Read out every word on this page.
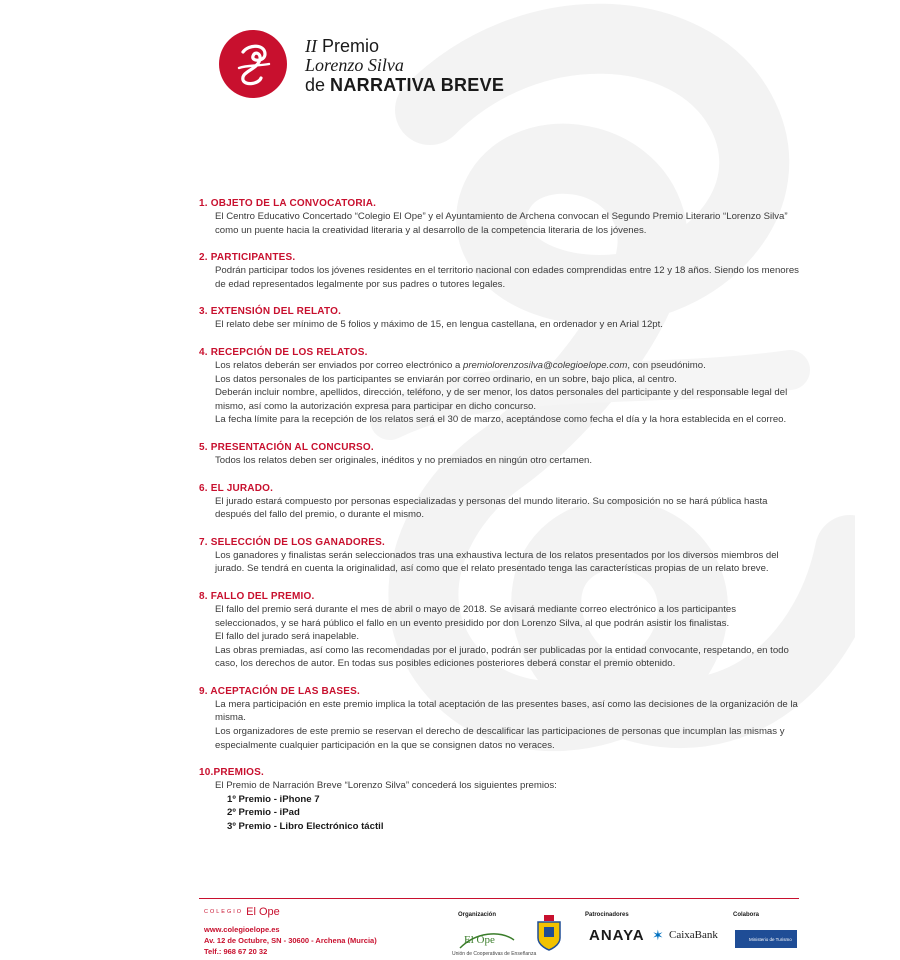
II Premio
Lorenzo Silva
de NARRATIVA BREVE
1. OBJETO DE LA CONVOCATORIA.

El Centro Educativo Concertado “Colegio El Ope” y el Ayuntamiento de Archena convocan el Segundo Premio Literario “Lorenzo Silva” como un puente hacia la creatividad literaria y al desarrollo de la competencia literaria de los jóvenes.

2. PARTICIPANTES.

Podrán participar todos los jóvenes residentes en el territorio nacional con edades comprendidas entre 12 y 18 años. Siendo los menores de edad representados legalmente por sus padres o tutores legales.

3. EXTENSIÓN DEL RELATO.

El relato debe ser mínimo de 5 folios y máximo de 15, en lengua castellana, en ordenador y en Arial 12pt.

4. RECEPCIÓN DE LOS RELATOS.

Los relatos deberán ser enviados por correo electrónico a premiolorenzosilva@colegioelope.com, con pseudónimo.

Los datos personales de los participantes se enviarán por correo ordinario, en un sobre, bajo plica, al centro.

Deberán incluir nombre, apellidos, dirección, teléfono, y de ser menor, los datos personales del participante y del responsable legal del mismo, así como la autorización expresa para participar en dicho concurso.

La fecha límite para la recepción de los relatos será el 30 de marzo, aceptándose como fecha el día y la hora establecida en el correo.

5. PRESENTACIÓN AL CONCURSO.

Todos los relatos deben ser originales, inéditos y no premiados en ningún otro certamen.

6. EL JURADO.

El jurado estará compuesto por personas especializadas y personas del mundo literario. Su composición no se hará pública hasta después del fallo del premio, o durante el mismo.

7. SELECCIÓN DE LOS GANADORES.

Los ganadores y finalistas serán seleccionados tras una exhaustiva lectura de los relatos presentados por los diversos miembros del jurado. Se tendrá en cuenta la originalidad, así como que el relato presentado tenga las características propias de un relato breve.

8. FALLO DEL PREMIO.

El fallo del premio será durante el mes de abril o mayo de 2018. Se avisará mediante correo electrónico a los participantes seleccionados, y se hará público el fallo en un evento presidido por don Lorenzo Silva, al que podrán asistir los finalistas.

El fallo del jurado será inapelable.

Las obras premiadas, así como las recomendadas por el jurado, podrán ser publicadas por la entidad convocante, respetando, en todo caso, los derechos de autor. En todas sus posibles ediciones posteriores deberá constar el premio obtenido.

9. ACEPTACIÓN DE LAS BASES.

La mera participación en este premio implica la total aceptación de las presentes bases, así como las decisiones de la organización de la misma.

Los organizadores de este premio se reservan el derecho de descalificar las participaciones de personas que incumplan las mismas y especialmente cualquier participación en la que se consignen datos no veraces.

10.PREMIOS.

El Premio de Narración Breve “Lorenzo Silva” concederá los siguientes premios:

1º Premio - iPhone 7
2º Premio - iPad
3º Premio - Libro Electrónico táctil
COLEGIO El Ope
www.colegioelope.es
Av. 12 de Octubre, SN - 30600 - Archena (Murcia)
Telf.: 968 67 20 32
Organización
El Ope
Unión de Cooperativas de Enseñanza
Patrocinadores
ANAYA ✶ CaixaBank
Colabora
Ministerio de Turismo
